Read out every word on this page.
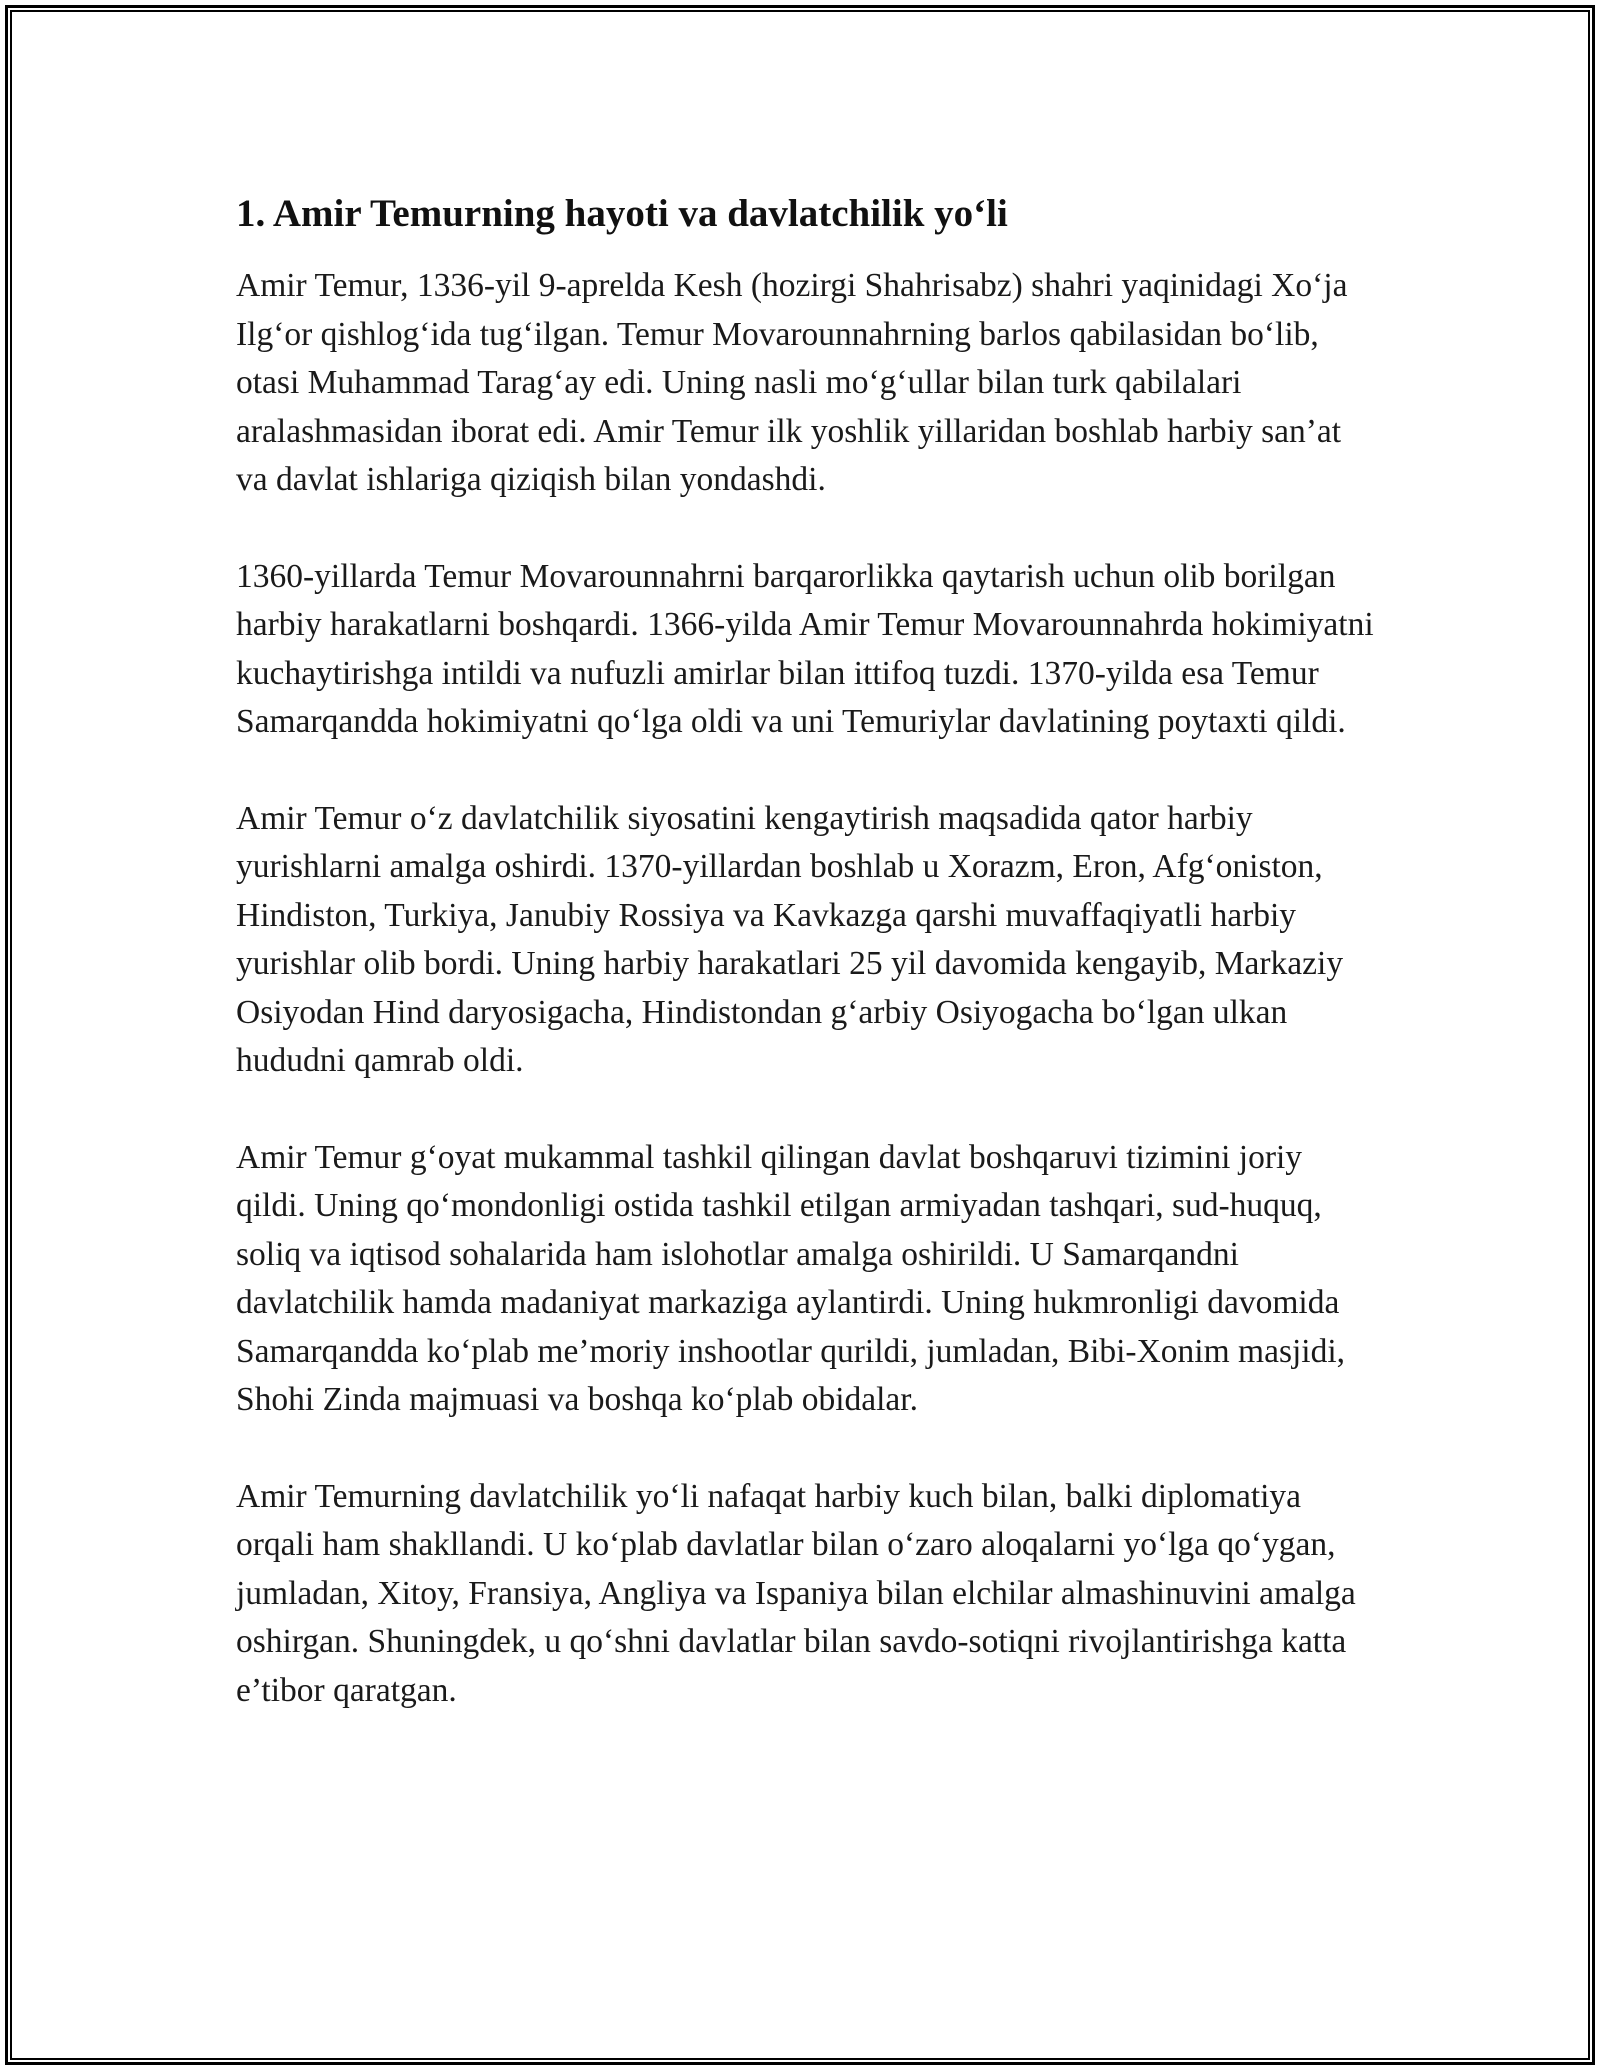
1. Amir Temurning hayoti va davlatchilik yo‘li

Amir Temur, 1336-yil 9-aprelda Kesh (hozirgi Shahrisabz) shahri yaqinidagi Xo‘ja Ilg‘or qishlog‘ida tug‘ilgan. Temur Movarounnahrning barlos qabilasidan bo‘lib, otasi Muhammad Tarag‘ay edi. Uning nasli mo‘g‘ullar bilan turk qabilalari aralashmasidan iborat edi. Amir Temur ilk yoshlik yillaridan boshlab harbiy san’at va davlat ishlariga qiziqish bilan yondashdi.

1360-yillarda Temur Movarounnahrni barqarorlikka qaytarish uchun olib borilgan harbiy harakatlarni boshqardi. 1366-yilda Amir Temur Movarounnahrda hokimiyatni kuchaytirishga intildi va nufuzli amirlar bilan ittifoq tuzdi. 1370-yilda esa Temur Samarqandda hokimiyatni qo‘lga oldi va uni Temuriylar davlatining poytaxti qildi.

Amir Temur o‘z davlatchilik siyosatini kengaytirish maqsadida qator harbiy yurishlarni amalga oshirdi. 1370-yillardan boshlab u Xorazm, Eron, Afg‘oniston, Hindiston, Turkiya, Janubiy Rossiya va Kavkazga qarshi muvaffaqiyatli harbiy yurishlar olib bordi. Uning harbiy harakatlari 25 yil davomida kengayib, Markaziy Osiyodan Hind daryosigacha, Hindistondan g‘arbiy Osiyogacha bo‘lgan ulkan hududni qamrab oldi.

Amir Temur g‘oyat mukammal tashkil qilingan davlat boshqaruvi tizimini joriy qildi. Uning qo‘mondonligi ostida tashkil etilgan armiyadan tashqari, sud-huquq, soliq va iqtisod sohalarida ham islohotlar amalga oshirildi. U Samarqandni davlatchilik hamda madaniyat markaziga aylantirdi. Uning hukmronligi davomida Samarqandda ko‘plab me’moriy inshootlar qurildi, jumladan, Bibi-Xonim masjidi, Shohi Zinda majmuasi va boshqa ko‘plab obidalar.

Amir Temurning davlatchilik yo‘li nafaqat harbiy kuch bilan, balki diplomatiya orqali ham shakllandi. U ko‘plab davlatlar bilan o‘zaro aloqalarni yo‘lga qo‘ygan, jumladan, Xitoy, Fransiya, Angliya va Ispaniya bilan elchilar almashinuvini amalga oshirgan. Shuningdek, u qo‘shni davlatlar bilan savdo-sotiqni rivojlantirishga katta e’tibor qaratgan.
